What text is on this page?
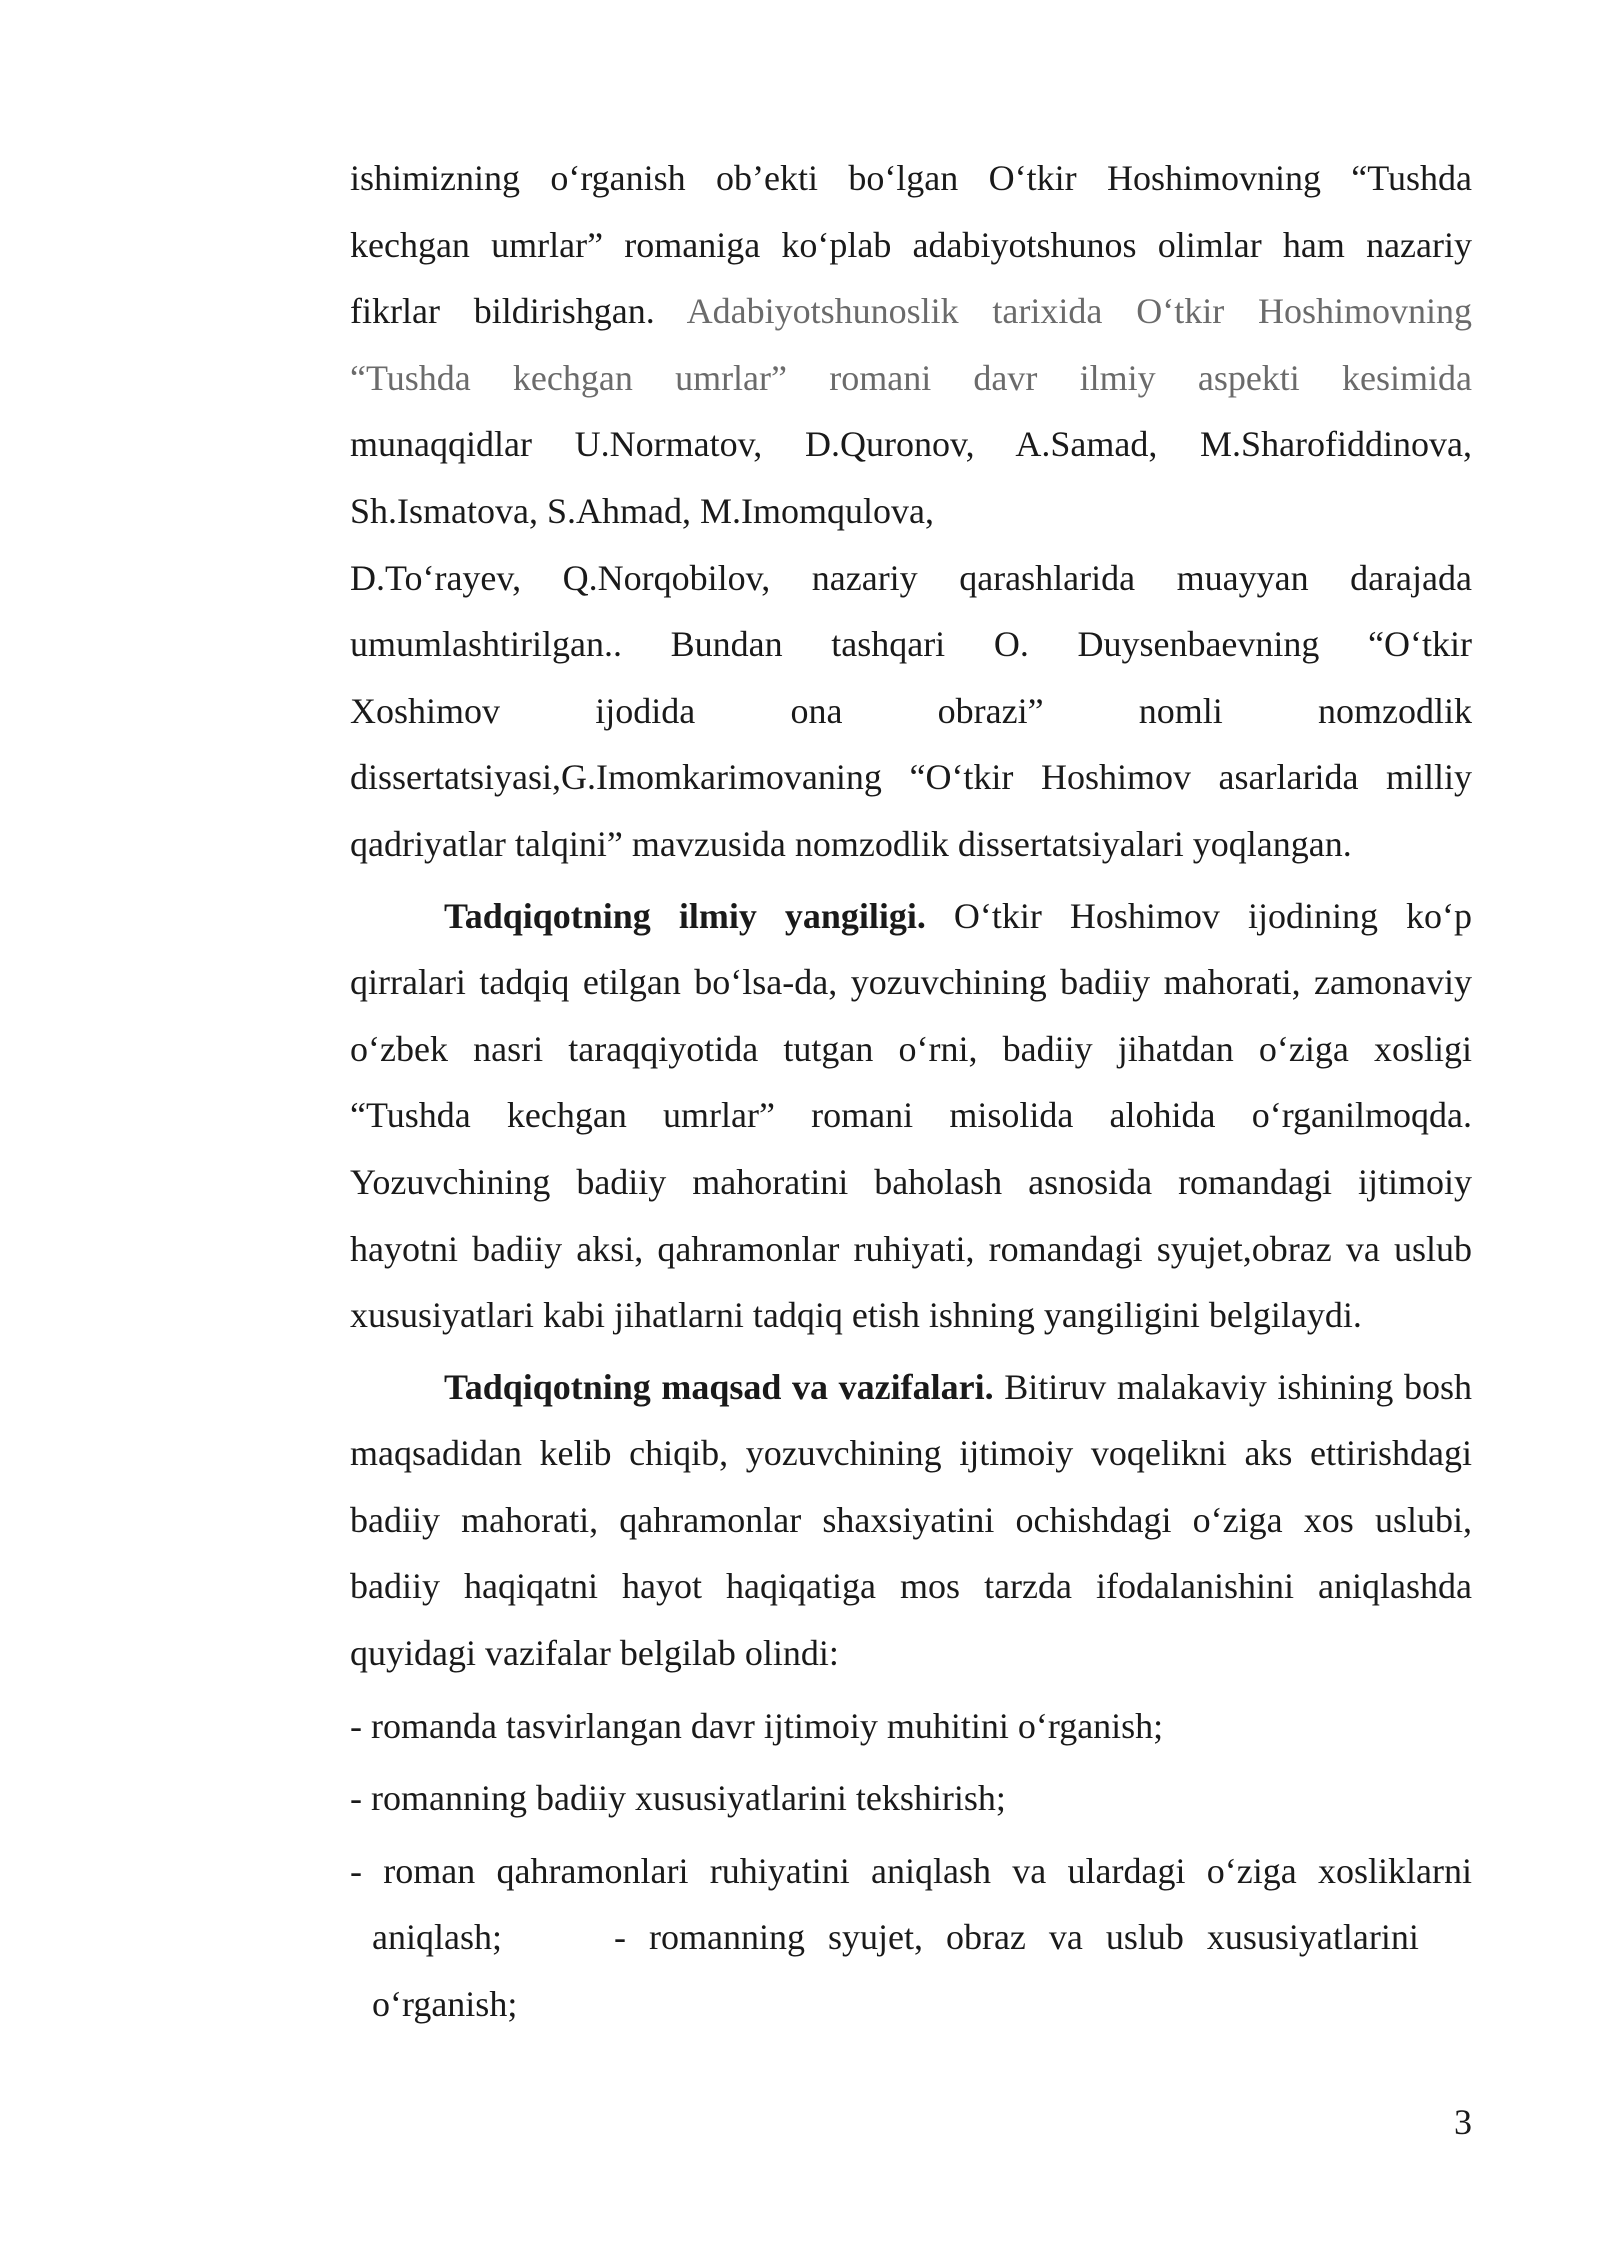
ishimizning o‘rganish ob’ekti bo‘lgan O‘tkir Hoshimovning “Tushda

kechgan umrlar” romaniga ko‘plab adabiyotshunos olimlar ham nazariy

fikrlar bildirishgan. Adabiyotshunoslik tarixida O‘tkir Hoshimovning

“Tushda kechgan umrlar” romani davr ilmiy aspekti kesimida

munaqqidlar U.Normatov, D.Quronov, A.Samad, M.Sharofiddinova,

Sh.Ismatova, S.Ahmad, M.Imomqulova,

D.To‘rayev, Q.Norqobilov, nazariy qarashlarida muayyan darajada

umumlashtirilgan.. Bundan tashqari O. Duysenbaevning “O‘tkir

Xoshimov ijodida ona obrazi” nomli nomzodlik

dissertatsiyasi,G.Imomkarimovaning “O‘tkir Hoshimov asarlarida milliy

qadriyatlar talqini” mavzusida nomzodlik dissertatsiyalari yoqlangan.

Tadqiqotning ilmiy yangiligi. O‘tkir Hoshimov ijodining ko‘p qirralari tadqiq etilgan bo‘lsa-da, yozuvchining badiiy mahorati, zamonaviy o‘zbek nasri taraqqiyotida tutgan o‘rni, badiiy jihatdan o‘ziga xosligi “Tushda kechgan umrlar” romani misolida alohida o‘rganilmoqda. Yozuvchining badiiy mahoratini baholash asnosida romandagi ijtimoiy hayotni badiiy aksi, qahramonlar ruhiyati, romandagi syujet,obraz va uslub xususiyatlari kabi jihatlarni tadqiq etish ishning yangiligini belgilaydi.

Tadqiqotning maqsad va vazifalari. Bitiruv malakaviy ishining bosh maqsadidan kelib chiqib, yozuvchining ijtimoiy voqelikni aks ettirishdagi badiiy mahorati, qahramonlar shaxsiyatini ochishdagi o‘ziga xos uslubi, badiiy haqiqatni hayot haqiqatiga mos tarzda ifodalanishini aniqlashda quyidagi vazifalar belgilab olindi:

- romanda tasvirlangan davr ijtimoiy muhitini o‘rganish;

- romanning badiiy xususiyatlarini tekshirish;

- roman qahramonlari ruhiyatini aniqlash va ulardagi o‘ziga xosliklarni

aniqlash;	- romanning syujet, obraz va uslub xususiyatlarini

o‘rganish;

3
